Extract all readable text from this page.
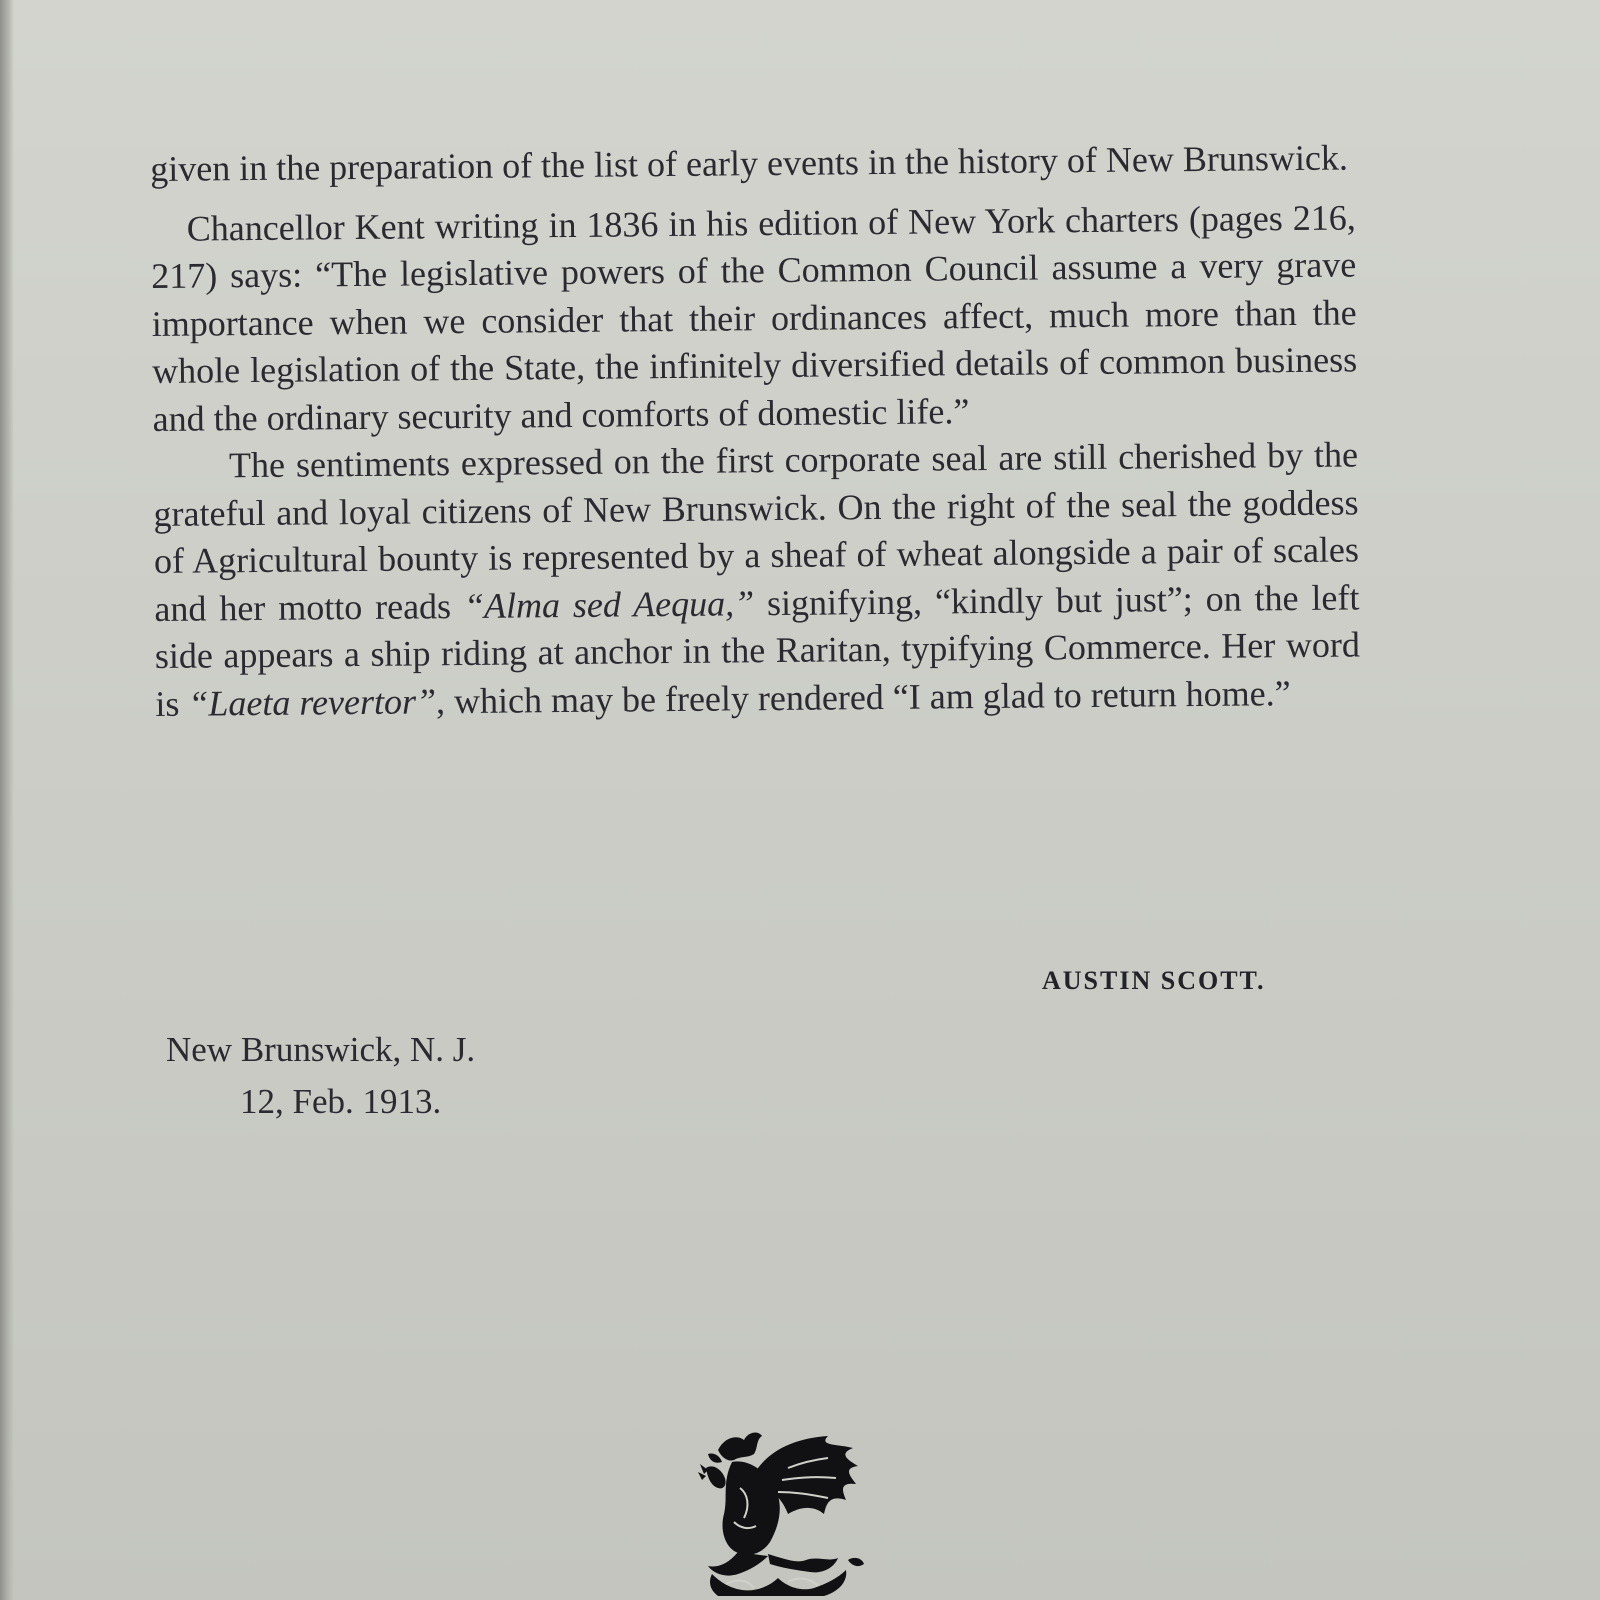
given in the preparation of the list of early events in the history of New Brunswick.

Chancellor Kent writing in 1836 in his edition of New York charters (pages 216, 217) says: “The legislative powers of the Common Council assume a very grave importance when we consider that their ordinances affect, much more than the whole legislation of the State, the infinitely diversified details of common business and the ordinary security and comforts of domestic life.”

The sentiments expressed on the first corporate seal are still cherished by the grateful and loyal citizens of New Brunswick. On the right of the seal the goddess of Agricultural bounty is represented by a sheaf of wheat alongside a pair of scales and her motto reads “Alma sed Aequa,” signifying, “kindly but just”; on the left side appears a ship riding at anchor in the Raritan, typifying Commerce. Her word is “Laeta revertor”, which may be freely rendered “I am glad to return home.”

AUSTIN SCOTT.
New Brunswick, N. J.
12, Feb. 1913.
